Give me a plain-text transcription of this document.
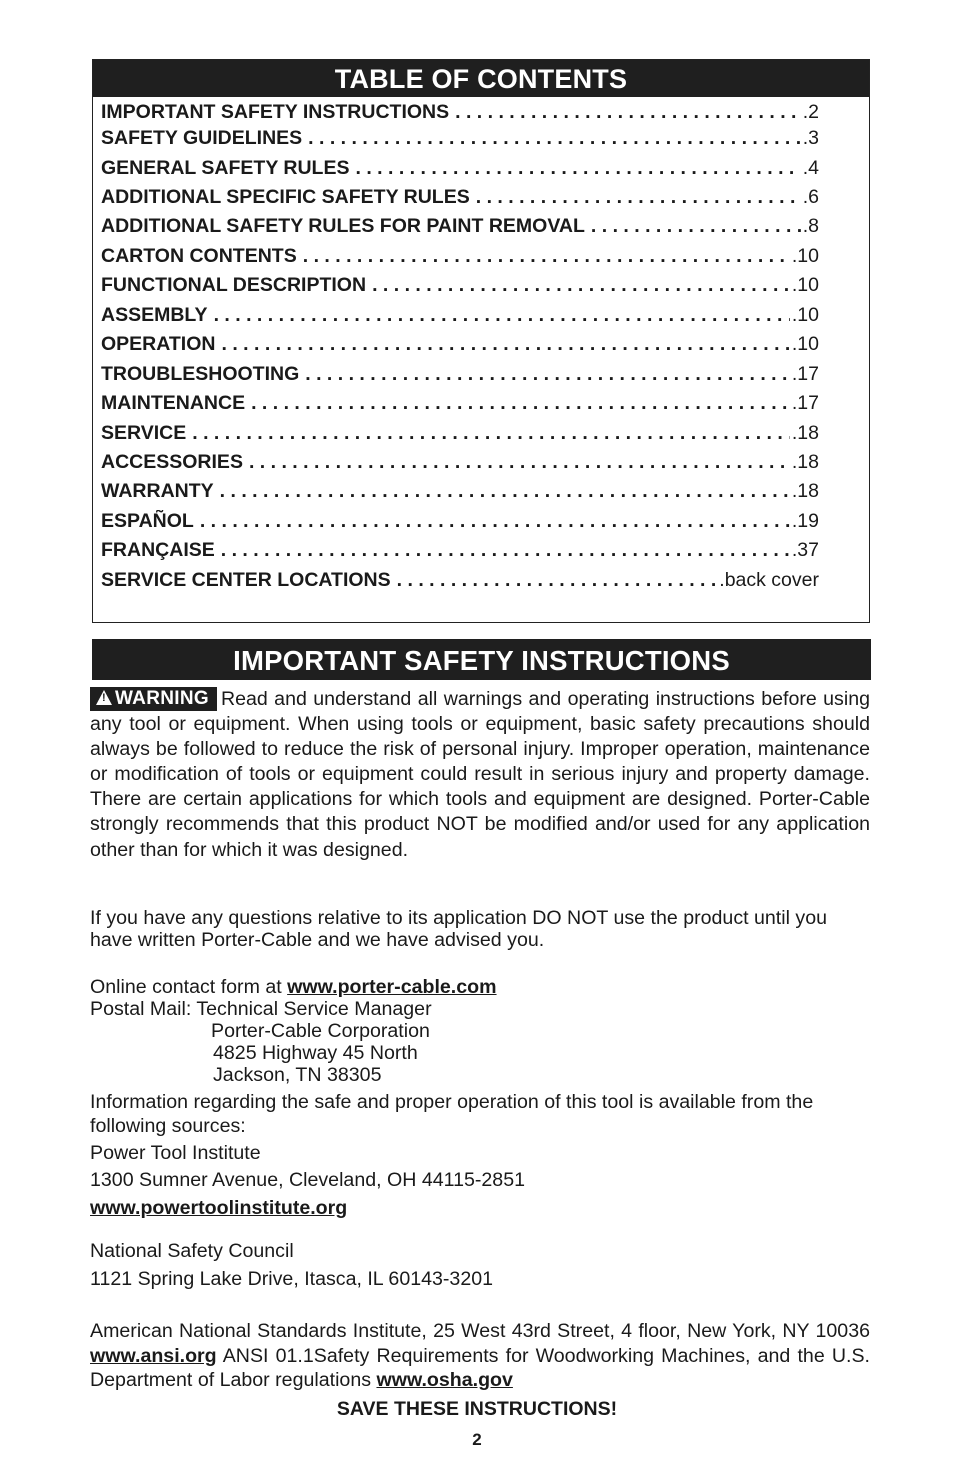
TABLE OF CONTENTS
IMPORTANT SAFETY INSTRUCTIONS . . .	.2
SAFETY GUIDELINES . . .	.3
GENERAL SAFETY RULES . . .	.4
ADDITIONAL SPECIFIC SAFETY RULES . . .	.6
ADDITIONAL SAFETY RULES FOR PAINT REMOVAL . . .	.8
CARTON CONTENTS . . .	.10
FUNCTIONAL DESCRIPTION . . .	.10
ASSEMBLY . . .	.10
OPERATION . . .	.10
TROUBLESHOOTING . . .	.17
MAINTENANCE . . .	.17
SERVICE . . .	.18
ACCESSORIES . . .	.18
WARRANTY . . .	.18
ESPAÑOL . . .	.19
FRANÇAISE . . .	.37
SERVICE CENTER LOCATIONS . . .	.back cover
IMPORTANT SAFETY INSTRUCTIONS

!WARNING Read and understand all warnings and operating instructions before using any tool or equipment. When using tools or equipment, basic safety precautions should always be followed to reduce the risk of personal injury. Improper operation, maintenance or modification of tools or equipment could result in serious injury and property damage. There are certain applications for which tools and equipment are designed. Porter-Cable strongly recommends that this product NOT be modified and/or used for any application other than for which it was designed.

If you have any questions relative to its application DO NOT use the product until you have written Porter-Cable and we have advised you.

Online contact form at www.porter-cable.com

Postal Mail: Technical Service Manager

Porter-Cable Corporation

4825 Highway 45 North

Jackson, TN 38305

Information regarding the safe and proper operation of this tool is available from the following sources:

Power Tool Institute

1300 Sumner Avenue, Cleveland, OH 44115-2851

www.powertoolinstitute.org

National Safety Council

1121 Spring Lake Drive, Itasca, IL 60143-3201

American National Standards Institute, 25 West 43rd Street, 4 floor, New York, NY 10036 www.ansi.org ANSI 01.1Safety Requirements for Woodworking Machines, and the U.S. Department of Labor regulations www.osha.gov

SAVE THESE INSTRUCTIONS!
2
